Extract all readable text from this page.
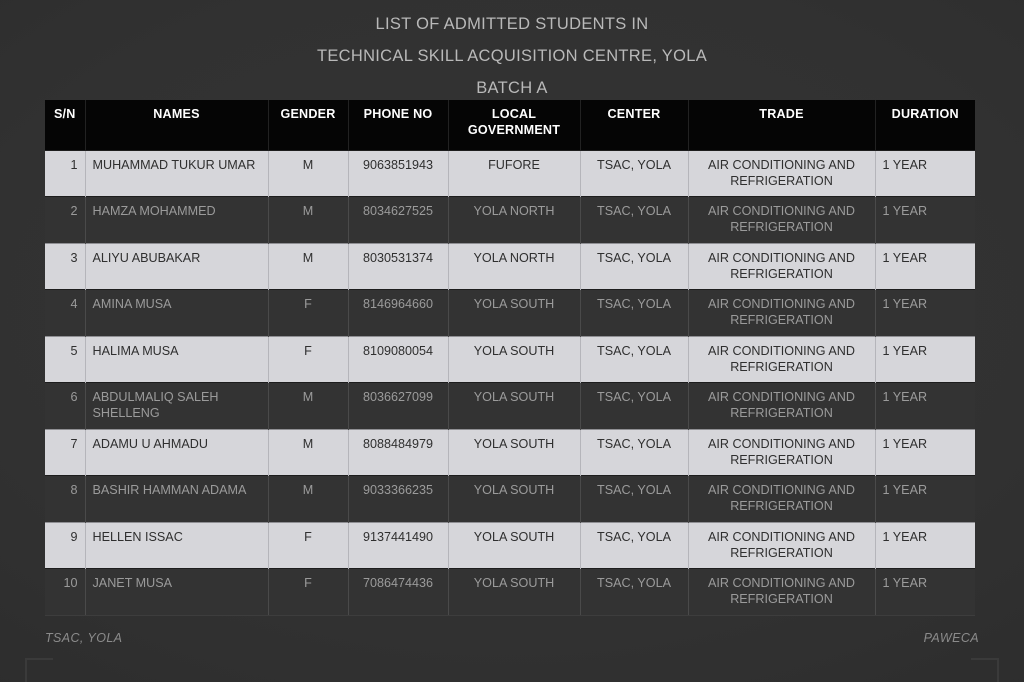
LIST OF ADMITTED STUDENTS IN
TECHNICAL SKILL ACQUISITION CENTRE, YOLA
BATCH A
S/N	NAMES	GENDER	PHONE NO	LOCAL GOVERNMENT	CENTER	TRADE	DURATION
1	MUHAMMAD TUKUR UMAR	M	9063851943	FUFORE	TSAC, YOLA	AIR CONDITIONING AND REFRIGERATION	1 YEAR
2	HAMZA MOHAMMED	M	8034627525	YOLA NORTH	TSAC, YOLA	AIR CONDITIONING AND REFRIGERATION	1 YEAR
3	ALIYU ABUBAKAR	M	8030531374	YOLA NORTH	TSAC, YOLA	AIR CONDITIONING AND REFRIGERATION	1 YEAR
4	AMINA MUSA	F	8146964660	YOLA SOUTH	TSAC, YOLA	AIR CONDITIONING AND REFRIGERATION	1 YEAR
5	HALIMA MUSA	F	8109080054	YOLA SOUTH	TSAC, YOLA	AIR CONDITIONING AND REFRIGERATION	1 YEAR
6	ABDULMALIQ SALEH SHELLENG	M	8036627099	YOLA SOUTH	TSAC, YOLA	AIR CONDITIONING AND REFRIGERATION	1 YEAR
7	ADAMU U AHMADU	M	8088484979	YOLA SOUTH	TSAC, YOLA	AIR CONDITIONING AND REFRIGERATION	1 YEAR
8	BASHIR HAMMAN ADAMA	M	9033366235	YOLA SOUTH	TSAC, YOLA	AIR CONDITIONING AND REFRIGERATION	1 YEAR
9	HELLEN ISSAC	F	9137441490	YOLA SOUTH	TSAC, YOLA	AIR CONDITIONING AND REFRIGERATION	1 YEAR
10	JANET MUSA	F	7086474436	YOLA SOUTH	TSAC, YOLA	AIR CONDITIONING AND REFRIGERATION	1 YEAR
TSAC, YOLA	PAWECA
